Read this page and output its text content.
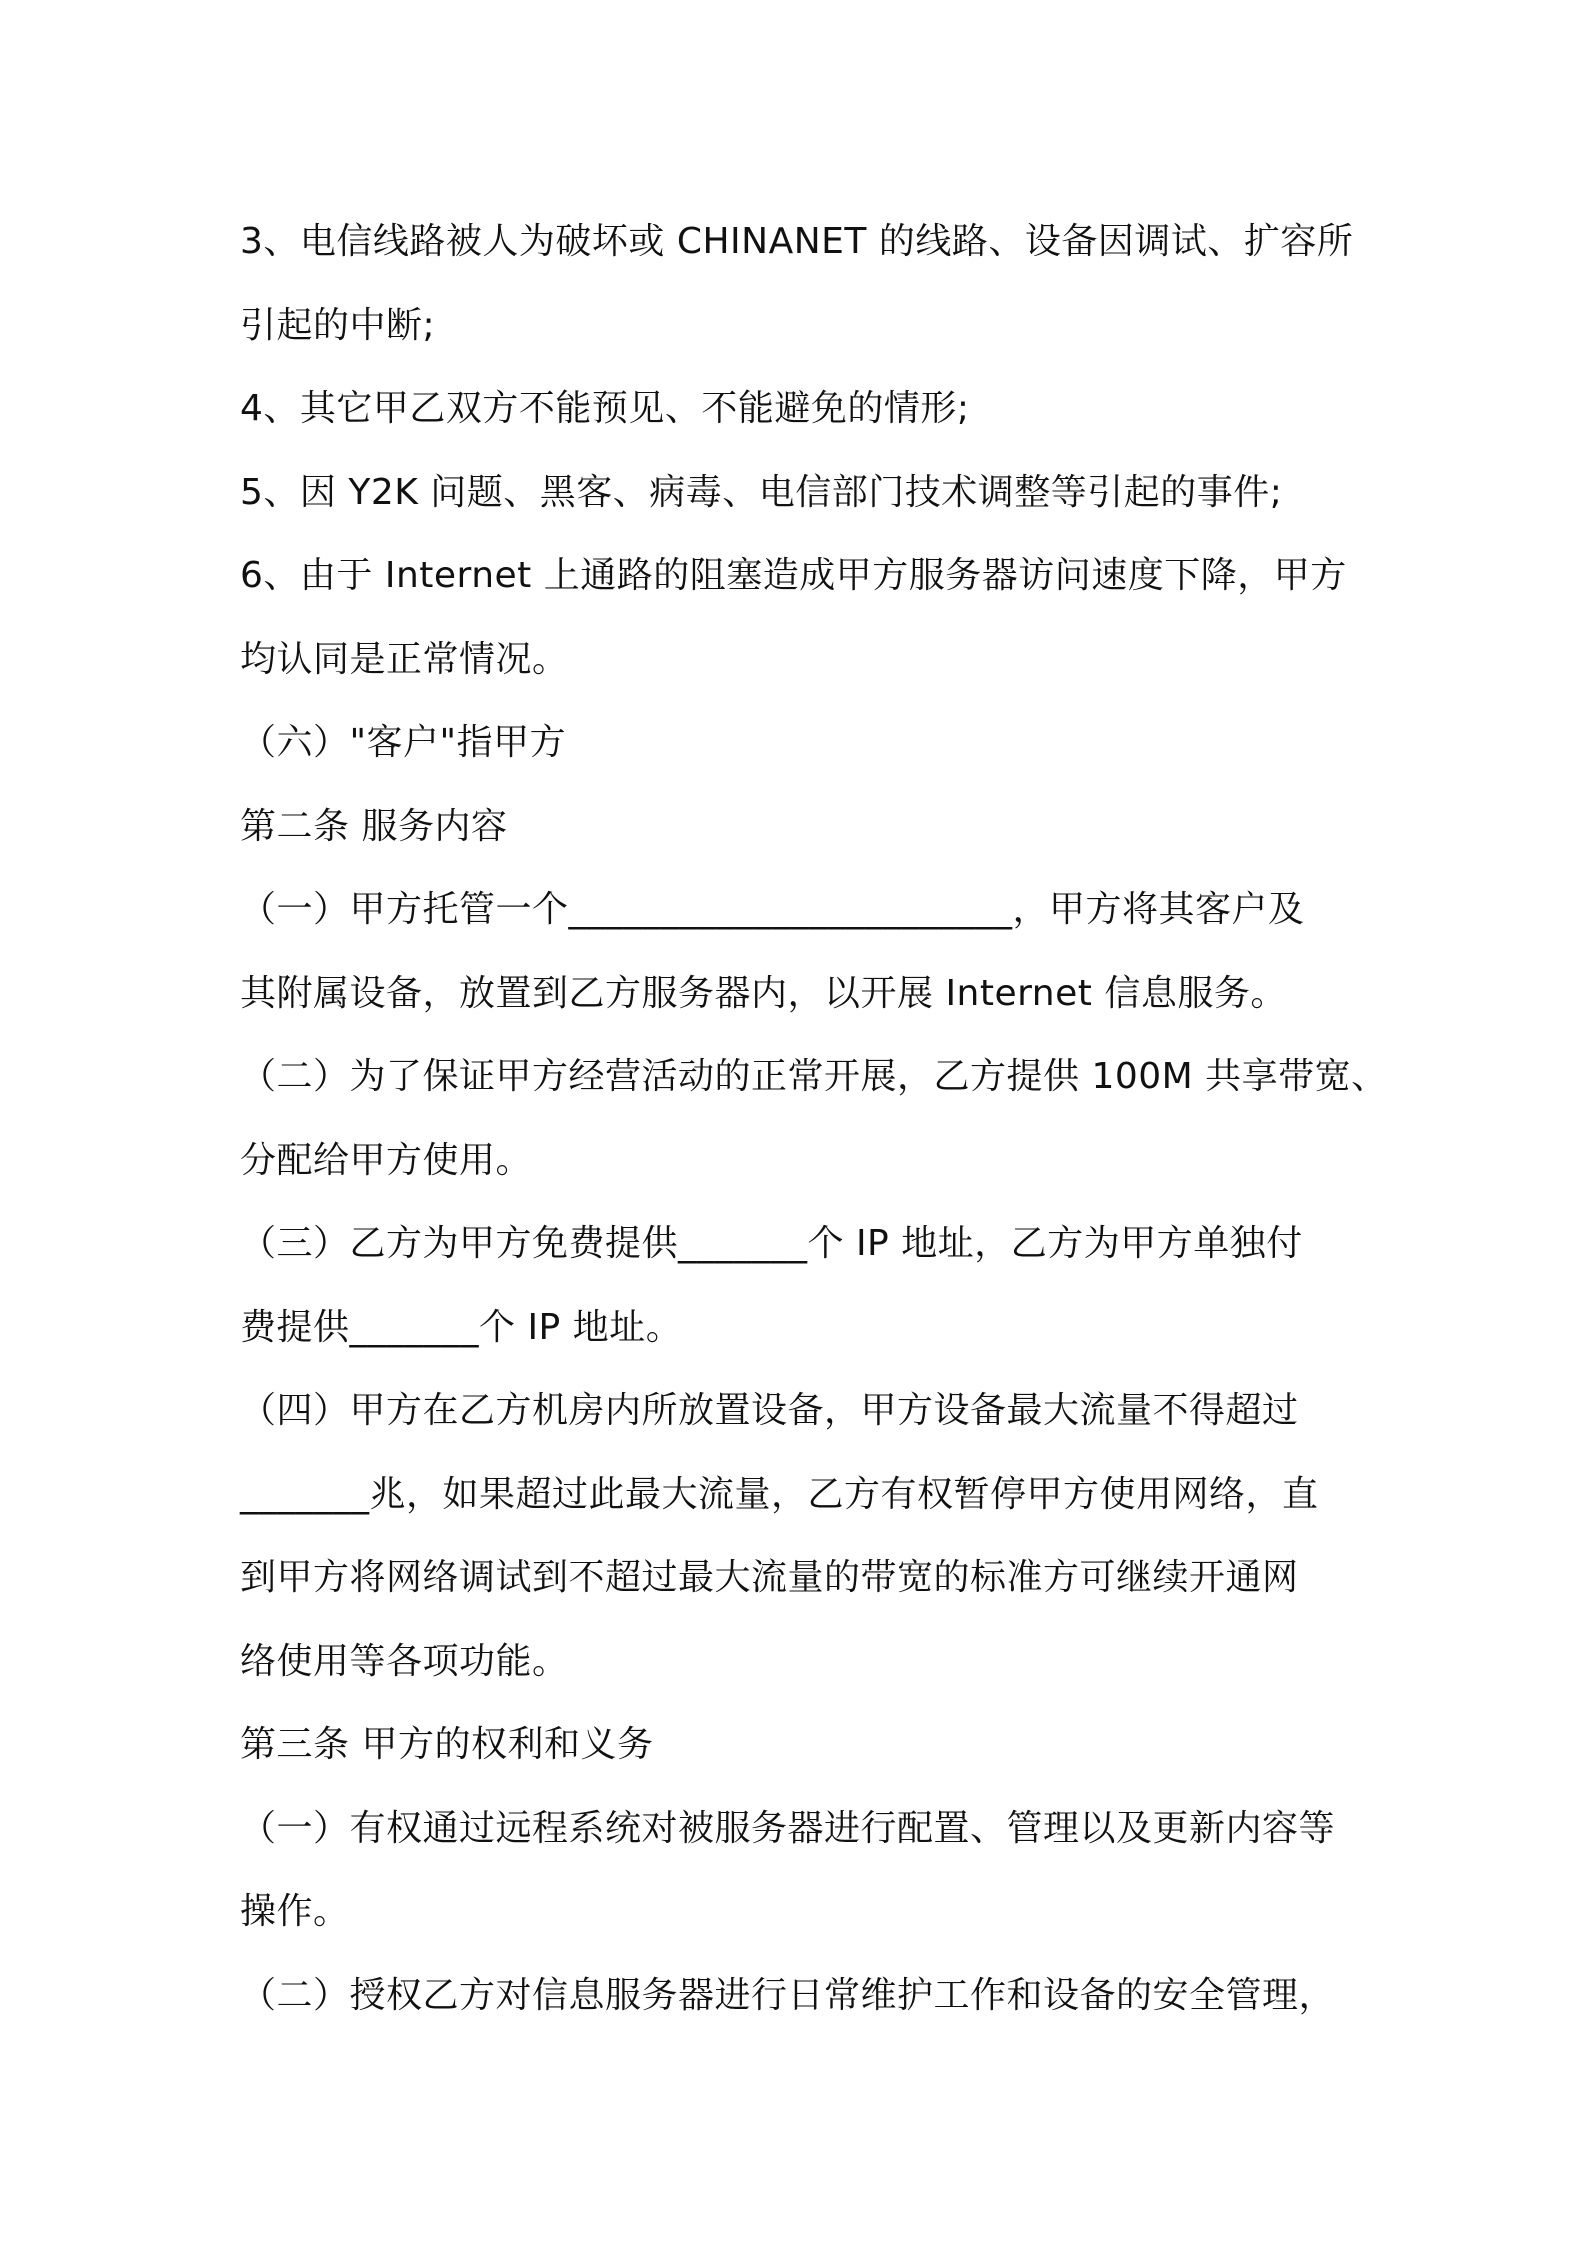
3、电信线路被人为破坏或 CHINANET 的线路、设备因调试、扩容所

引起的中断;

4、其它甲乙双方不能预见、不能避免的情形;

5、因 Y2K 问题、黑客、病毒、电信部门技术调整等引起的事件;

6、由于 Internet 上通路的阻塞造成甲方服务器访问速度下降，甲方

均认同是正常情况。

（六）"客户"指甲方

第二条 服务内容

（一）甲方托管一个________________________，甲方将其客户及

其附属设备，放置到乙方服务器内，以开展 Internet 信息服务。

（二）为了保证甲方经营活动的正常开展，乙方提供 100M 共享带宽、

分配给甲方使用。

（三）乙方为甲方免费提供_______个 IP 地址，乙方为甲方单独付

费提供_______个 IP 地址。

（四）甲方在乙方机房内所放置设备，甲方设备最大流量不得超过

_______兆，如果超过此最大流量，乙方有权暂停甲方使用网络，直

到甲方将网络调试到不超过最大流量的带宽的标准方可继续开通网

络使用等各项功能。

第三条 甲方的权利和义务

（一）有权通过远程系统对被服务器进行配置、管理以及更新内容等

操作。

（二）授权乙方对信息服务器进行日常维护工作和设备的安全管理，
